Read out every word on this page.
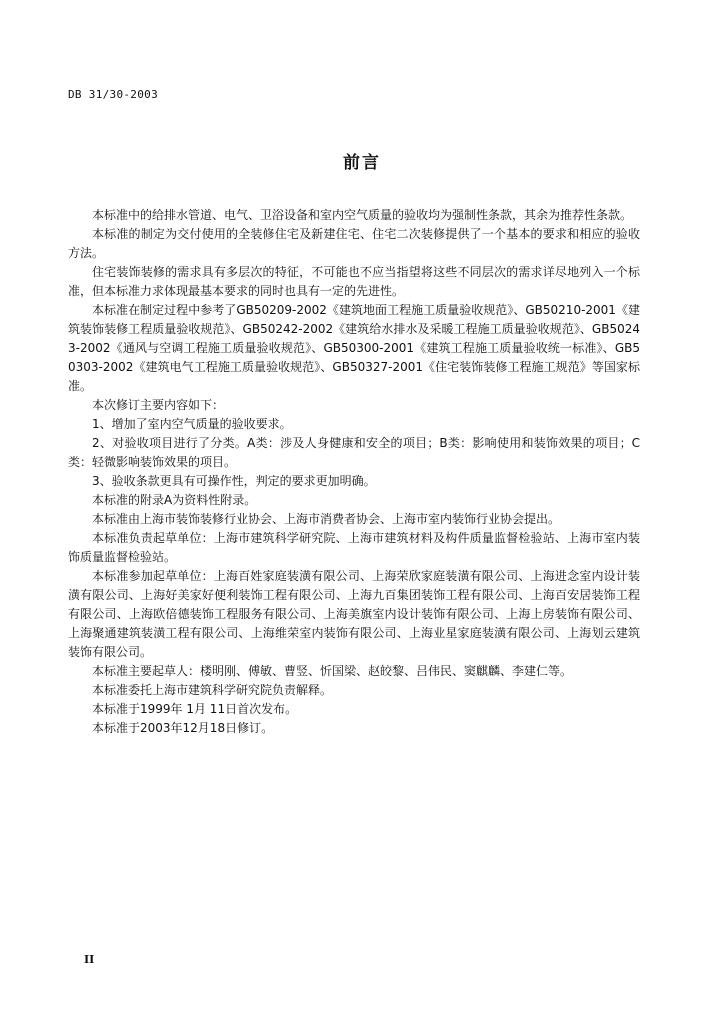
DB 31/30-2003
前言

本标准中的给排水管道、电气、卫浴设备和室内空气质量的验收均为强制性条款，其余为推荐性条款。

本标准的制定为交付使用的全装修住宅及新建住宅、住宅二次装修提供了一个基本的要求和相应的验收方法。

住宅装饰装修的需求具有多层次的特征，不可能也不应当指望将这些不同层次的需求详尽地列入一个标准，但本标准力求体现最基本要求的同时也具有一定的先进性。

本标准在制定过程中参考了GB50209-2002《建筑地面工程施工质量验收规范》、GB50210-2001《建筑装饰装修工程质量验收规范》、GB50242-2002《建筑给水排水及采暖工程施工质量验收规范》、GB50243-2002《通风与空调工程施工质量验收规范》、GB50300-2001《建筑工程施工质量验收统一标准》、GB50303-2002《建筑电气工程施工质量验收规范》、GB50327-2001《住宅装饰装修工程施工规范》等国家标准。

本次修订主要内容如下：

1、增加了室内空气质量的验收要求。

2、对验收项目进行了分类。A类：涉及人身健康和安全的项目；B类：影响使用和装饰效果的项目；C类：轻微影响装饰效果的项目。

3、验收条款更具有可操作性，判定的要求更加明确。

本标准的附录A为资料性附录。

本标准由上海市装饰装修行业协会、上海市消费者协会、上海市室内装饰行业协会提出。

本标准负责起草单位：上海市建筑科学研究院、上海市建筑材料及构件质量监督检验站、上海市室内装饰质量监督检验站。

本标准参加起草单位：上海百姓家庭装潢有限公司、上海荣欣家庭装潢有限公司、上海进念室内设计装潢有限公司、上海好美家好便利装饰工程有限公司、上海九百集团装饰工程有限公司、上海百安居装饰工程有限公司、上海欧倍德装饰工程服务有限公司、上海美旗室内设计装饰有限公司、上海上房装饰有限公司、上海聚通建筑装潢工程有限公司、上海维荣室内装饰有限公司、上海业星家庭装潢有限公司、上海划云建筑装饰有限公司。

本标准主要起草人：楼明刚、傅敏、曹竖、忻国梁、赵皎黎、吕伟民、窦麒麟、李建仁等。

本标准委托上海市建筑科学研究院负责解释。

本标准于1999年 1月 11日首次发布。

本标准于2003年12月18日修订。

II
